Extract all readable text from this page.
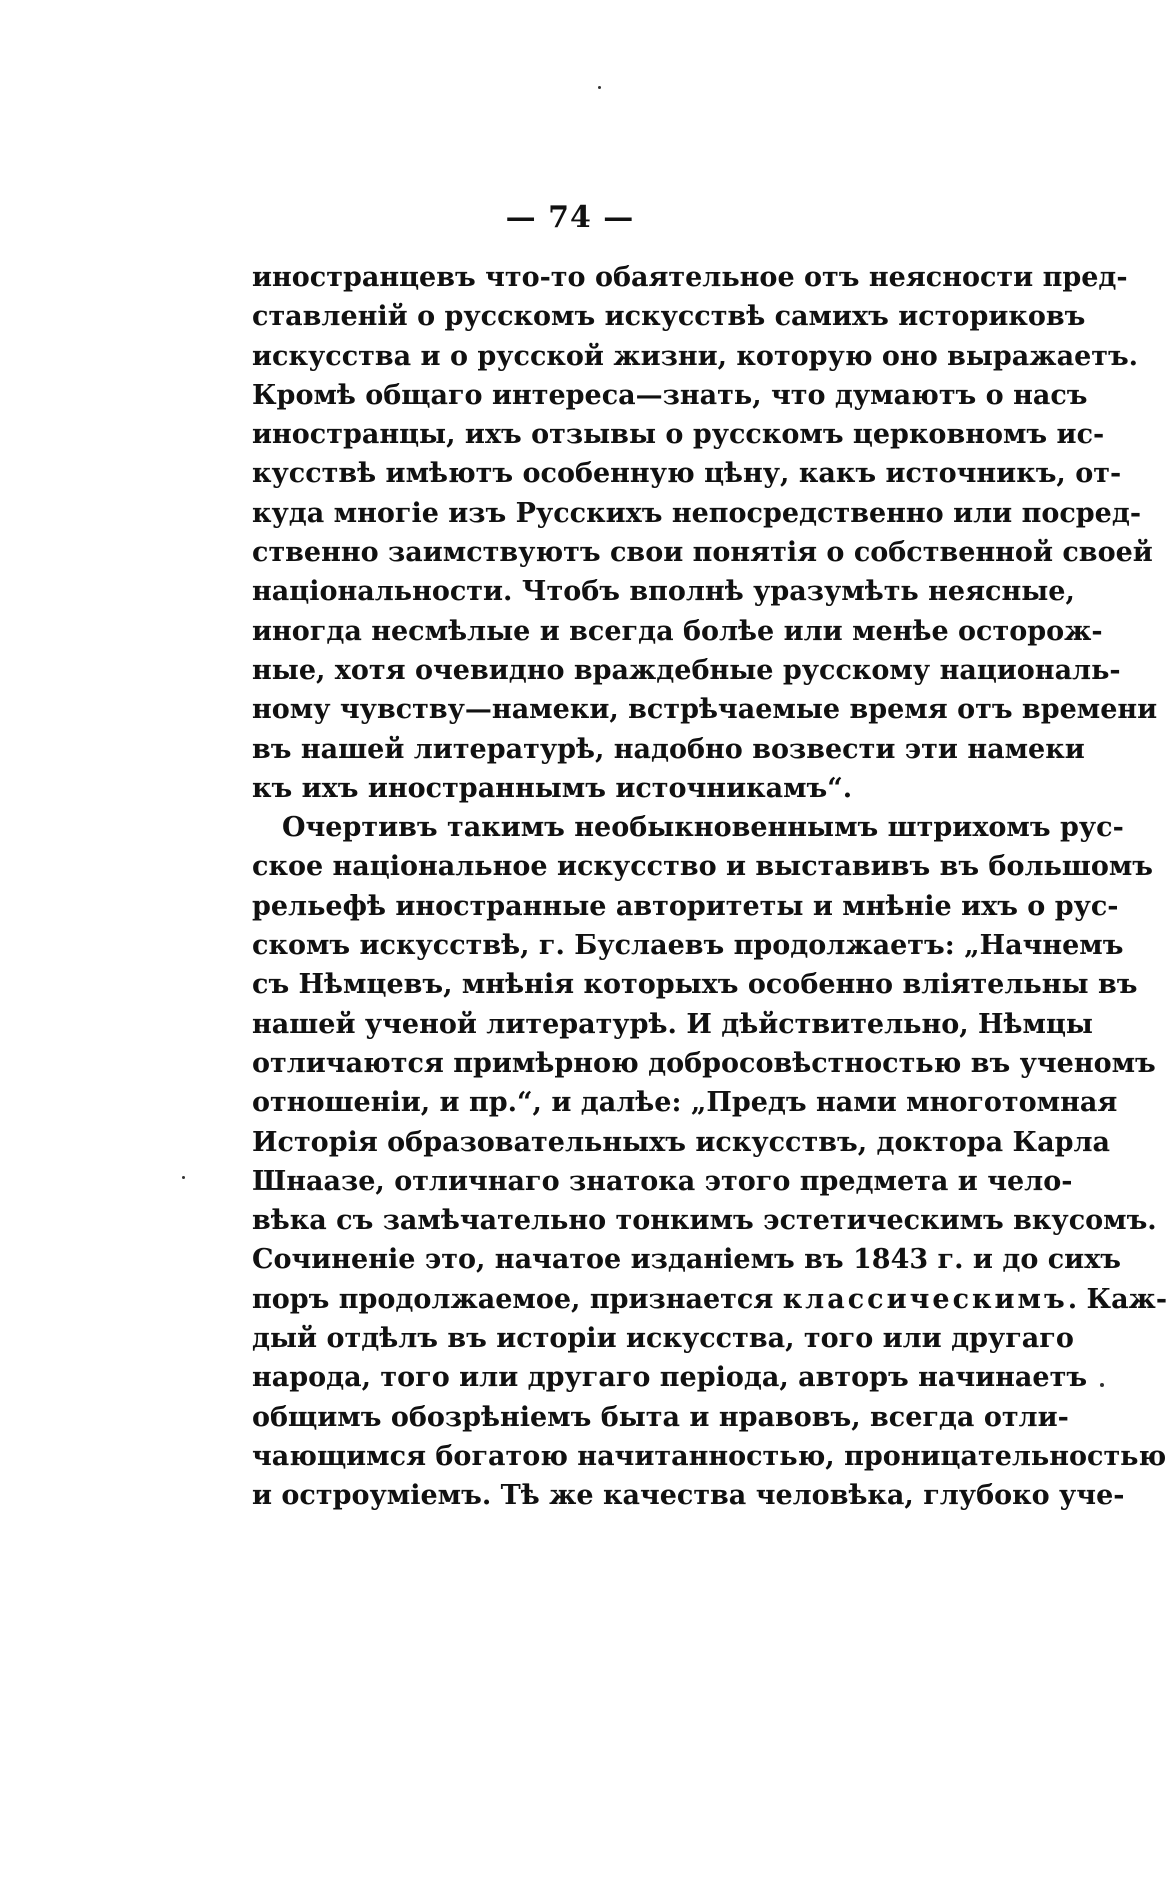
— 74 —
иностранцевъ что-то обаятельное отъ неясности пред-
ставленій о русскомъ искусствѣ самихъ историковъ
искусства и о русской жизни, которую оно выражаетъ.
Кромѣ общаго интереса—знать, что думаютъ о насъ
иностранцы, ихъ отзывы о русскомъ церковномъ ис-
кусствѣ имѣютъ особенную цѣну, какъ источникъ, от-
куда многіе изъ Русскихъ непосредственно или посред-
ственно заимствуютъ свои понятія о собственной своей
національности. Чтобъ вполнѣ уразумѣть неясные,
иногда несмѣлые и всегда болѣе или менѣе осторож-
ные, хотя очевидно враждебные русскому националь-
ному чувству—намеки, встрѣчаемые время отъ времени
въ нашей литературѣ, надобно возвести эти намеки
къ ихъ иностраннымъ источникамъ“.
Очертивъ такимъ необыкновеннымъ штрихомъ рус-
ское національное искусство и выставивъ въ большомъ
рельефѣ иностранные авторитеты и мнѣніе ихъ о рус-
скомъ искусствѣ, г. Буслаевъ продолжаетъ: „Начнемъ
съ Нѣмцевъ, мнѣнія которыхъ особенно вліятельны въ
нашей ученой литературѣ. И дѣйствительно, Нѣмцы
отличаются примѣрною добросовѣстностью въ ученомъ
отношеніи, и пр.“, и далѣе: „Предъ нами многотомная
Исторія образовательныхъ искусствъ, доктора Карла
Шнаазе, отличнаго знатока этого предмета и чело-
вѣка съ замѣчательно тонкимъ эстетическимъ вкусомъ.
Сочиненіе это, начатое изданіемъ въ 1843 г. и до сихъ
поръ продолжаемое, признается классическимъ. Каж-
дый отдѣлъ въ исторіи искусства, того или другаго
народа, того или другаго періода, авторъ начинаетъ
общимъ обозрѣніемъ быта и нравовъ, всегда отли-
чающимся богатою начитанностью, проницательностью
и остроуміемъ. Тѣ же качества человѣка, глубоко уче-
